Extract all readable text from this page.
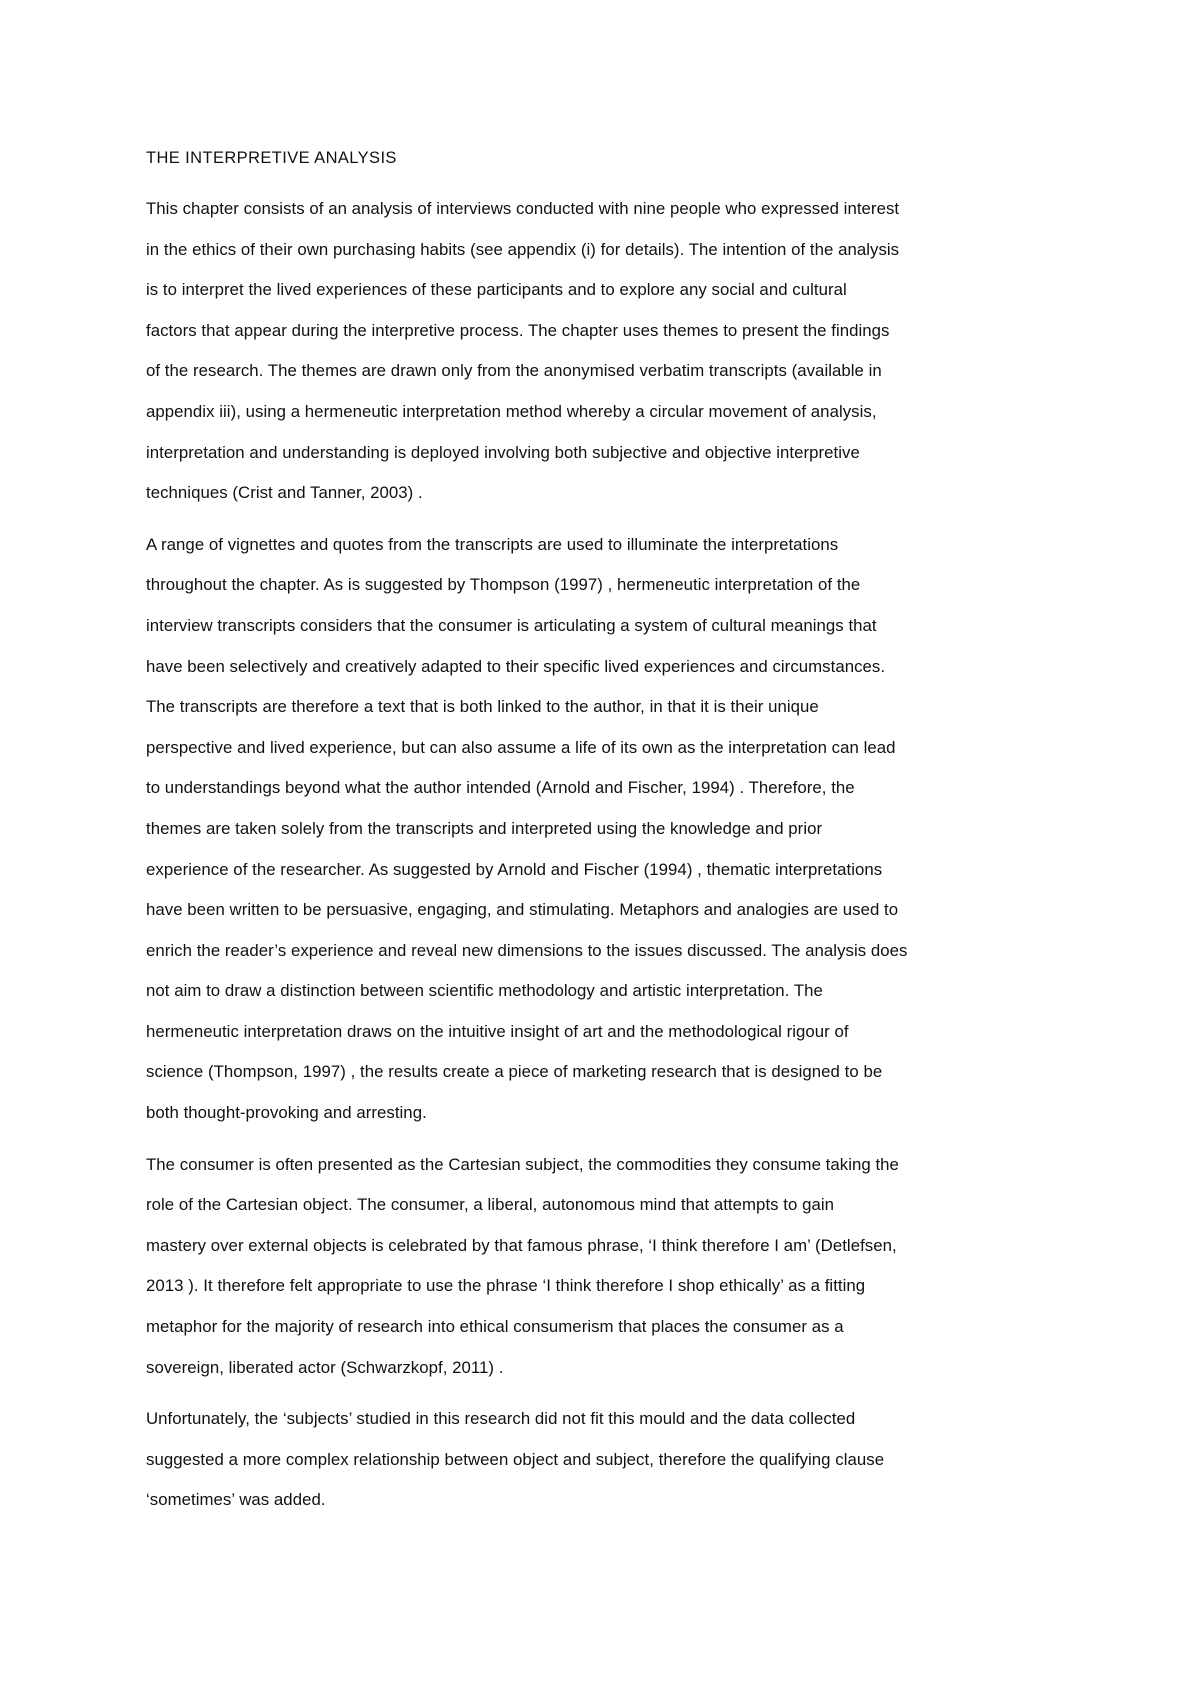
THE INTERPRETIVE ANALYSIS
This chapter consists of an analysis of interviews conducted with nine people who expressed interest
in the ethics of their own purchasing habits (see appendix (i) for details). The intention of the analysis
is to interpret the lived experiences of these participants and to explore any social and cultural
factors that appear during the interpretive process. The chapter uses themes to present the findings
of the research. The themes are drawn only from the anonymised verbatim transcripts (available in
appendix iii), using a hermeneutic interpretation method whereby a circular movement of analysis,
interpretation and understanding is deployed involving both subjective and objective interpretive
techniques (Crist and Tanner, 2003) .
A range of vignettes and quotes from the transcripts are used to illuminate the interpretations
throughout the chapter. As is suggested by Thompson (1997) , hermeneutic interpretation of the
interview transcripts considers that the consumer is articulating a system of cultural meanings that
have been selectively and creatively adapted to their specific lived experiences and circumstances.
The transcripts are therefore a text that is both linked to the author, in that it is their unique
perspective and lived experience, but can also assume a life of its own as the interpretation can lead
to understandings beyond what the author intended (Arnold and Fischer, 1994) . Therefore, the
themes are taken solely from the transcripts and interpreted using the knowledge and prior
experience of the researcher. As suggested by Arnold and Fischer (1994) , thematic interpretations
have been written to be persuasive, engaging, and stimulating. Metaphors and analogies are used to
enrich the reader’s experience and reveal new dimensions to the issues discussed. The analysis does
not aim to draw a distinction between scientific methodology and artistic interpretation. The
hermeneutic interpretation draws on the intuitive insight of art and the methodological rigour of
science (Thompson, 1997) , the results create a piece of marketing research that is designed to be
both thought-provoking and arresting.
The consumer is often presented as the Cartesian subject, the commodities they consume taking the
role of the Cartesian object. The consumer, a liberal, autonomous mind that attempts to gain
mastery over external objects is celebrated by that famous phrase, ‘I think therefore I am’ (Detlefsen,
2013 ). It therefore felt appropriate to use the phrase ‘I think therefore I shop ethically’ as a fitting
metaphor for the majority of research into ethical consumerism that places the consumer as a
sovereign, liberated actor (Schwarzkopf, 2011) .
Unfortunately, the ‘subjects’ studied in this research did not fit this mould and the data collected
suggested a more complex relationship between object and subject, therefore the qualifying clause
‘sometimes’ was added.
